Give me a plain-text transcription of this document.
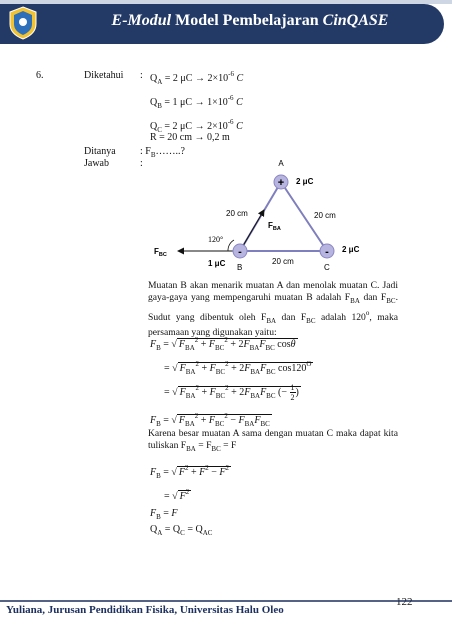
E-Modul Model Pembelajaran CinQASE
6.	Diketahui : $Q_A = 2$ $\mu C \to 2\times 10^{-6}$ C
$Q_B = 1$ $\mu C \to 1\times 10^{-6}$ C
$Q_C = 2$ $\mu C \to 2\times 10^{-6}$ C
R = 20 cm → 0,2 m
Ditanya : $F_B\dots\dots$..?
Jawab	:
+
-	-
A
2 μC
B
1 μC	C
2 μC
20 cm	20 cm
20 cm
$F_{BA}$
$F_{BC}$
120°
Muatan B akan menarik muatan A dan menolak muatan C. Jadi gaya-gaya yang mempengaruhi muatan B adalah $F_{BA}$ dan $F_{BC}$. Sudut yang dibentuk oleh $F_{BA}$ dan $F_{BC}$ adalah 120$^o$, maka persamaan yang digunakan yaitu:
$F_B$ = √ $F_{BA}^2 + F_{BC}^2 + 2F_{BA}F_{BC}$ cosθ
= √ $F_{BA}^2 + F_{BC}^2 + 2F_{BA}F_{BC}$ $\cos 120^O$
= √ $F_{BA}^2 + F_{BC}^2 + 2F_{BA}F_{BC}$ (− $\frac{1}{2}$ )
$F_B$ = √ $F_{BA}^2 + F_{BC}^2 - F_{BA}F_{BC}$
Karena besar muatan A sama dengan muatan C maka dapat kita tuliskan $F_{BA} = F_{BC} = F$
$F_B$ = √ $F^2 + F^2 - F^2$
= √ $F^2$
$F_B = F$
$Q_A = Q_C = Q_{AC}$
122
Yuliana, Jurusan Pendidikan Fisika, Universitas Halu Oleo
